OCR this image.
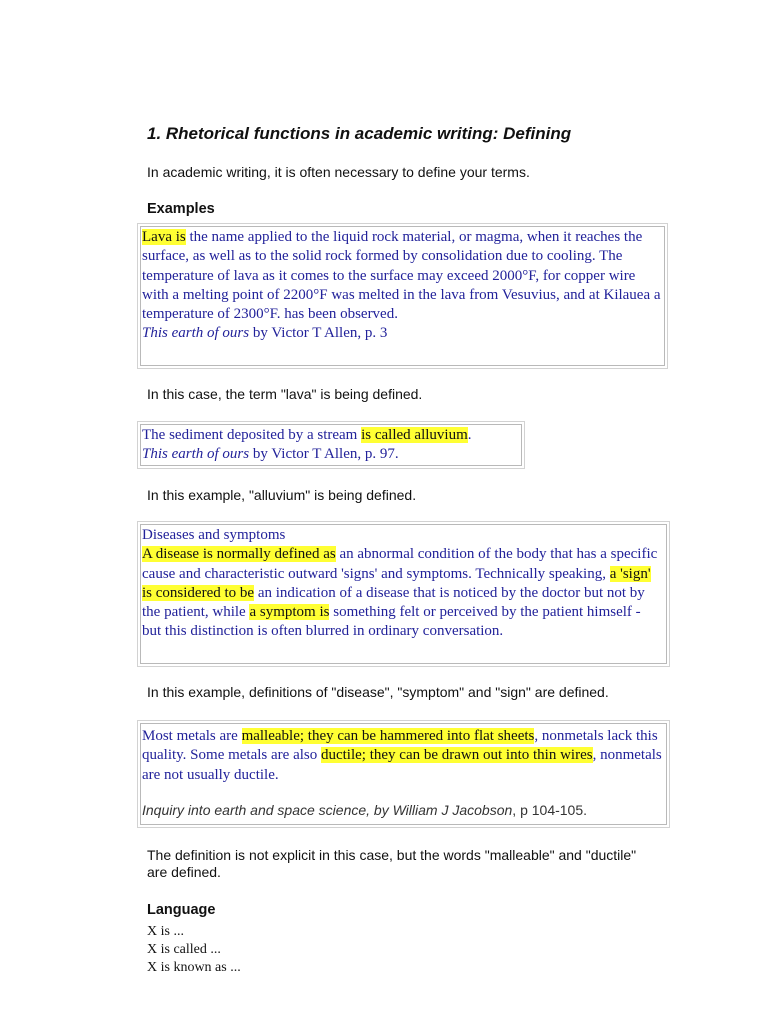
1. Rhetorical functions in academic writing: Defining

In academic writing, it is often necessary to define your terms.

Examples
Lava is the name applied to the liquid rock material, or magma, when it reaches the surface, as well as to the solid rock formed by consolidation due to cooling. The temperature of lava as it comes to the surface may exceed 2000°F, for copper wire with a melting point of 2200°F was melted in the lava from Vesuvius, and at Kilauea a temperature of 2300°F. has been observed.
This earth of ours by Victor T Allen, p. 3

In this case, the term "lava" is being defined.

The sediment deposited by a stream is called alluvium.
This earth of ours by Victor T Allen, p. 97.

In this example, "alluvium" is being defined.

Diseases and symptoms
A disease is normally defined as an abnormal condition of the body that has a specific cause and characteristic outward 'signs' and symptoms. Technically speaking, a 'sign' is considered to be an indication of a disease that is noticed by the doctor but not by the patient, while a symptom is something felt or perceived by the patient himself - but this distinction is often blurred in ordinary conversation.

In this example, definitions of "disease", "symptom" and "sign" are defined.

Most metals are malleable; they can be hammered into flat sheets, nonmetals lack this quality. Some metals are also ductile; they can be drawn out into thin wires, nonmetals are not usually ductile.
Inquiry into earth and space science, by William J Jacobson, p 104-105.

The definition is not explicit in this case, but the words "malleable" and "ductile" are defined.

Language
X is ...
X is called ...
X is known as ...
